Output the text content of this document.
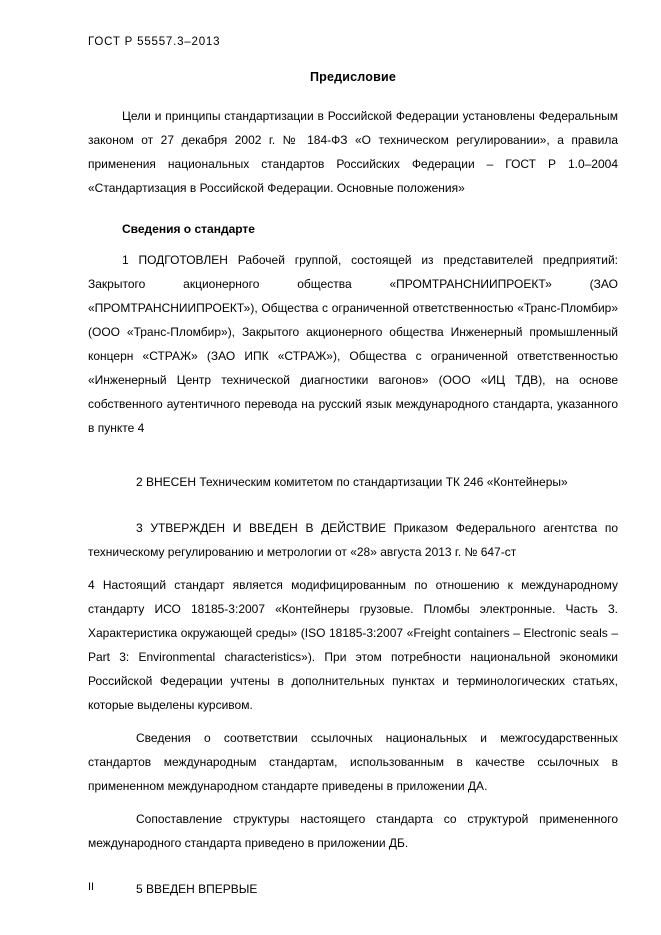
ГОСТ Р 55557.3–2013
Предисловие

Цели и принципы стандартизации в Российской Федерации установлены Федеральным законом от 27 декабря 2002 г. № 184-ФЗ «О техническом регулировании», а правила применения национальных стандартов Российских Федерации – ГОСТ Р 1.0–2004 «Стандартизация в Российской Федерации. Основные положения»

Сведения о стандарте

1 ПОДГОТОВЛЕН Рабочей группой, состоящей из представителей предприятий: Закрытого акционерного общества «ПРОМТРАНСНИИПРОЕКТ» (ЗАО «ПРОМТРАНСНИИПРОЕКТ»), Общества с ограниченной ответственностью «Транс-Пломбир» (ООО «Транс-Пломбир»), Закрытого акционерного общества Инженерный промышленный концерн «СТРАЖ» (ЗАО ИПК «СТРАЖ»), Общества с ограниченной ответственностью «Инженерный Центр технической диагностики вагонов» (ООО «ИЦ ТДВ), на основе собственного аутентичного перевода на русский язык международного стандарта, указанного в пункте 4

2 ВНЕСЕН Техническим комитетом по стандартизации ТК 246 «Контейнеры»

3 УТВЕРЖДЕН И ВВЕДЕН В ДЕЙСТВИЕ Приказом Федерального агентства по техническому регулированию и метрологии от «28» августа 2013 г. № 647-ст

4 Настоящий стандарт является модифицированным по отношению к международному стандарту ИСО 18185-3:2007 «Контейнеры грузовые. Пломбы электронные. Часть 3. Характеристика окружающей среды» (ISO 18185-3:2007 «Freight containers – Electronic seals – Part 3: Environmental characteristics»). При этом потребности национальной экономики Российской Федерации учтены в дополнительных пунктах и терминологических статьях, которые выделены курсивом.

Сведения о соответствии ссылочных национальных и межгосударственных стандартов международным стандартам, использованным в качестве ссылочных в примененном международном стандарте приведены в приложении ДА.

Сопоставление структуры настоящего стандарта со структурой примененного международного стандарта приведено в приложении ДБ.

5 ВВЕДЕН ВПЕРВЫЕ

II
